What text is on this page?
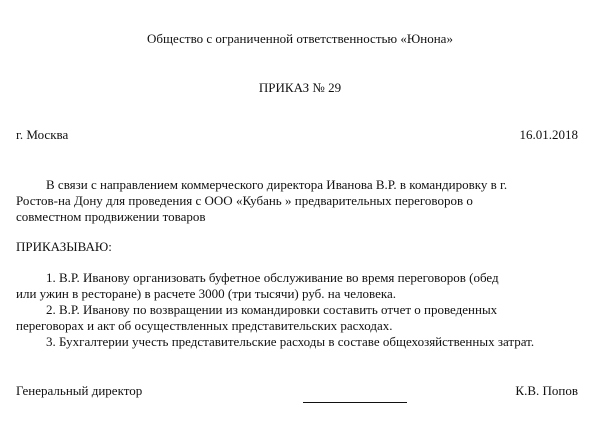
Общество с ограниченной ответственностью «Юнона»
ПРИКАЗ № 29
г. Москва	16.01.2018
В связи с направлением коммерческого директора Иванова В.Р. в командировку в г.
Ростов-на Дону для проведения с ООО «Кубань » предварительных переговоров о
совместном продвижении товаров
ПРИКАЗЫВАЮ:
1. В.Р. Иванову организовать буфетное обслуживание во время переговоров (обед
или ужин в ресторане) в расчете 3000 (три тысячи) руб. на человека.
2. В.Р. Иванову по возвращении из командировки составить отчет о проведенных
переговорах и акт об осуществленных представительских расходах.
3. Бухгалтерии учесть представительские расходы в составе общехозяйственных затрат.
Генеральный директор	К.В. Попов
